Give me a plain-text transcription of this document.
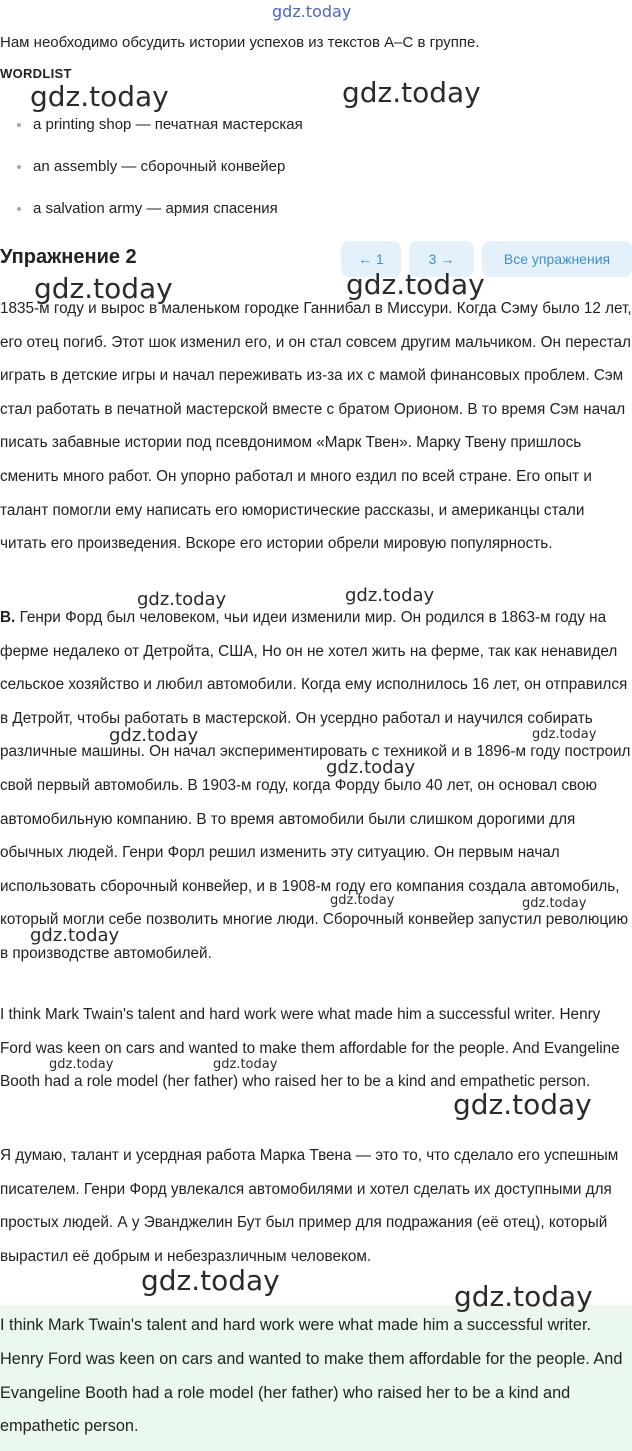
gdz.today
Нам необходимо обсудить истории успехов из текстов A–C в группе.
WORDLIST
a printing shop — печатная мастерская
an assembly — сборочный конвейер
a salvation army — армия спасения
Упражнение 2	← 1	3 →	Все упражнения

1835-м году и вырос в маленьком городке Ганнибал в Миссури. Когда Сэму было 12 лет, его отец погиб. Этот шок изменил его, и он стал совсем другим мальчиком. Он перестал играть в детские игры и начал переживать из-за их с мамой финансовых проблем. Сэм стал работать в печатной мастерской вместе с братом Орионом. В то время Сэм начал писать забавные истории под псевдонимом «Марк Твен». Марку Твену пришлось сменить много работ. Он упорно работал и много ездил по всей стране. Его опыт и талант помогли ему написать его юмористические рассказы, и американцы стали читать его произведения. Вскоре его истории обрели мировую популярность.

B. Генри Форд был человеком, чьи идеи изменили мир. Он родился в 1863-м году на ферме недалеко от Детройта, США, Но он не хотел жить на ферме, так как ненавидел сельское хозяйство и любил автомобили. Когда ему исполнилось 16 лет, он отправился в Детройт, чтобы работать в мастерской. Он усердно работал и научился собирать различные машины. Он начал экспериментировать с техникой и в 1896-м году построил свой первый автомобиль. В 1903-м году, когда Форду было 40 лет, он основал свою автомобильную компанию. В то время автомобили были слишком дорогими для обычных людей. Генри Форл решил изменить эту ситуацию. Он первым начал использовать сборочный конвейер, и в 1908-м году его компания создала автомобиль, который могли себе позволить многие люди. Сборочный конвейер запустил революцию в производстве автомобилей.

I think Mark Twain's talent and hard work were what made him a successful writer. Henry Ford was keen on cars and wanted to make them affordable for the people. And Evangeline Booth had a role model (her father) who raised her to be a kind and empathetic person.

Я думаю, талант и усердная работа Марка Твена — это то, что сделало его успешным писателем. Генри Форд увлекался автомобилями и хотел сделать их доступными для простых людей. А у Эванджелин Бут был пример для подражания (её отец), который вырастил её добрым и небезразличным человеком.

I think Mark Twain's talent and hard work were what made him a successful writer. Henry Ford was keen on cars and wanted to make them affordable for the people. And Evangeline Booth had a role model (her father) who raised her to be a kind and empathetic person.

gdz.today	gdz.today
gdz.today	gdz.today
gdz.today	gdz.today
gdz.today	gdz.today
gdz.today
gdz.today	gdz.today
gdz.today
gdz.today	gdz.today
gdz.today
gdz.today	gdz.today
